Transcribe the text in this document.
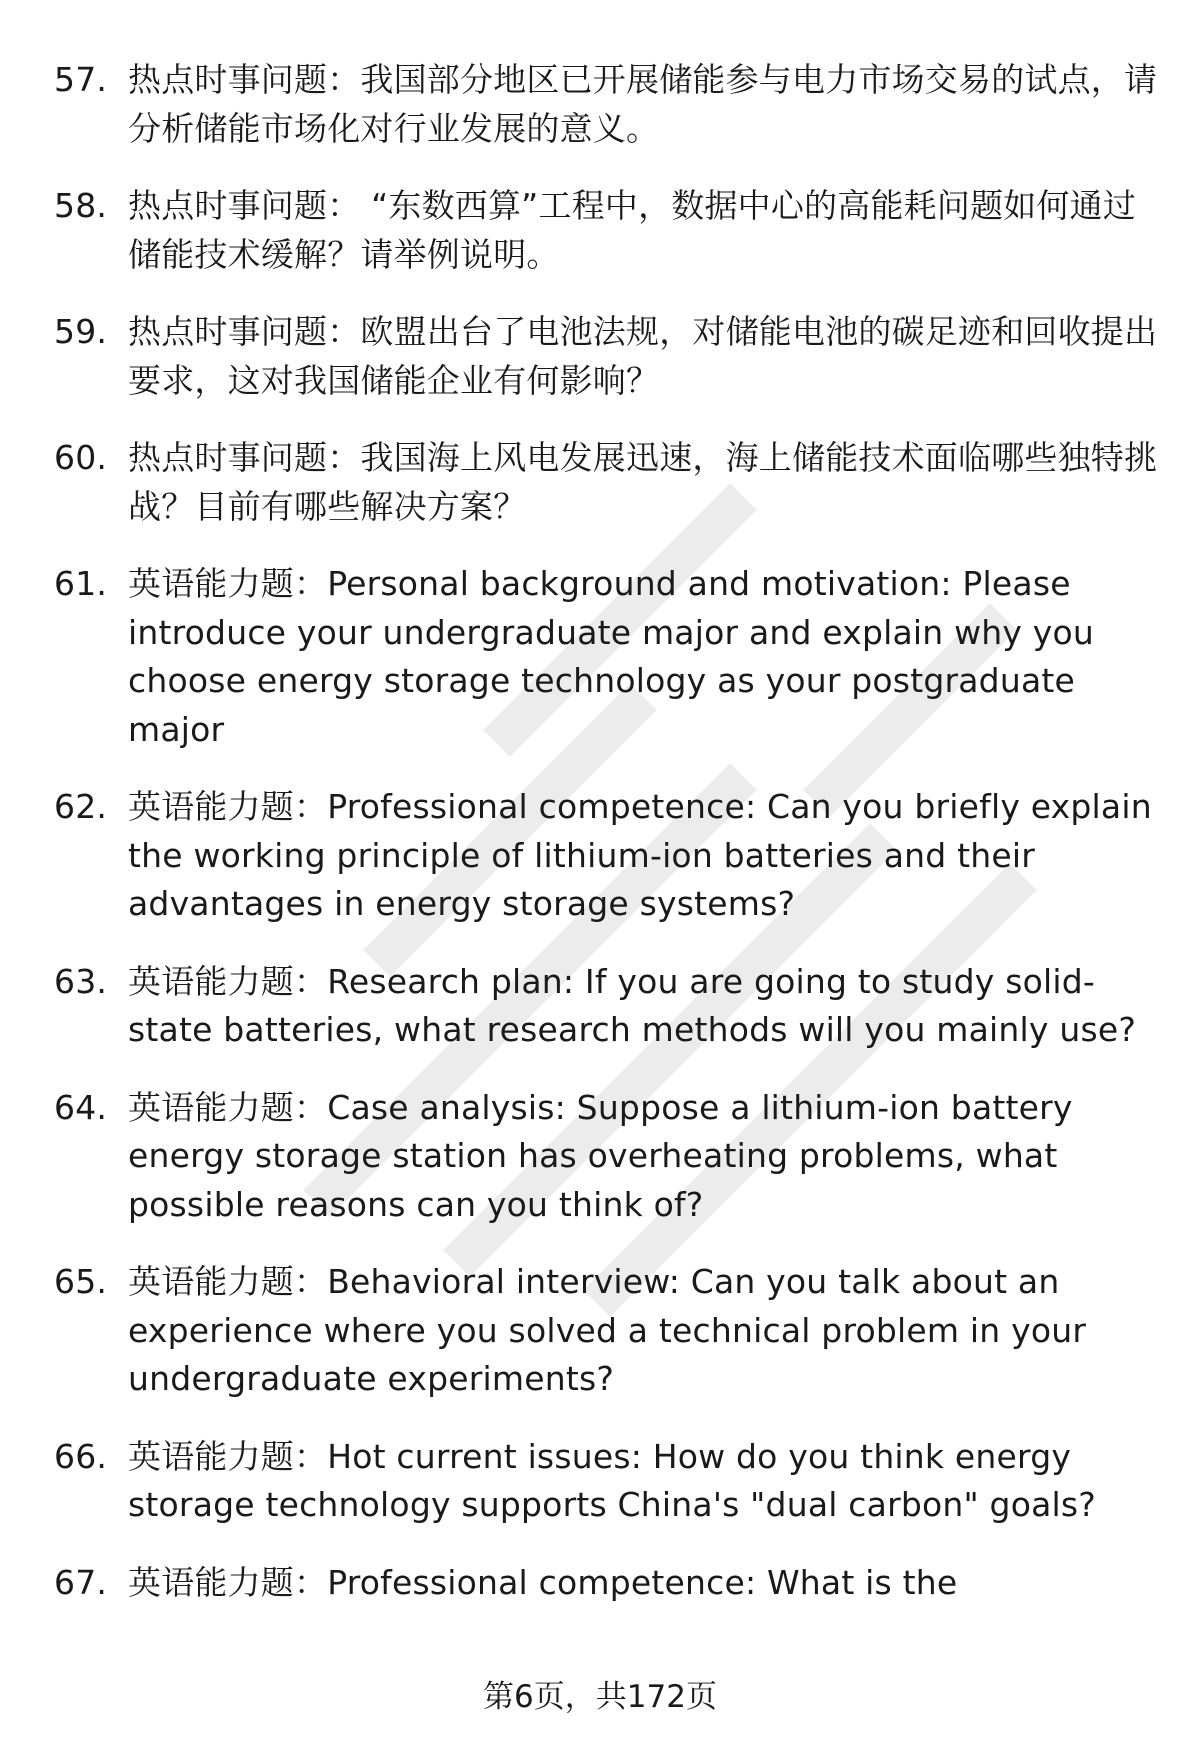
57. 热点时事问题：我国部分地区已开展储能参与电力市场交易的试点，请分析储能市场化对行业发展的意义。
58. 热点时事问题： “东数西算”工程中，数据中心的高能耗问题如何通过储能技术缓解？请举例说明。
59. 热点时事问题：欧盟出台了电池法规，对储能电池的碳足迹和回收提出要求，这对我国储能企业有何影响？
60. 热点时事问题：我国海上风电发展迅速，海上储能技术面临哪些独特挑战？目前有哪些解决方案？
61. 英语能力题：Personal background and motivation: Please introduce your undergraduate major and explain why you choose energy storage technology as your postgraduate major
62. 英语能力题：Professional competence: Can you briefly explain the working principle of lithium-ion batteries and their advantages in energy storage systems?
63. 英语能力题：Research plan: If you are going to study solid-state batteries, what research methods will you mainly use?
64. 英语能力题：Case analysis: Suppose a lithium-ion battery energy storage station has overheating problems, what possible reasons can you think of?
65. 英语能力题：Behavioral interview: Can you talk about an experience where you solved a technical problem in your undergraduate experiments?
66. 英语能力题：Hot current issues: How do you think energy storage technology supports China's "dual carbon" goals?
67. 英语能力题：Professional competence: What is the
第6页，共172页
